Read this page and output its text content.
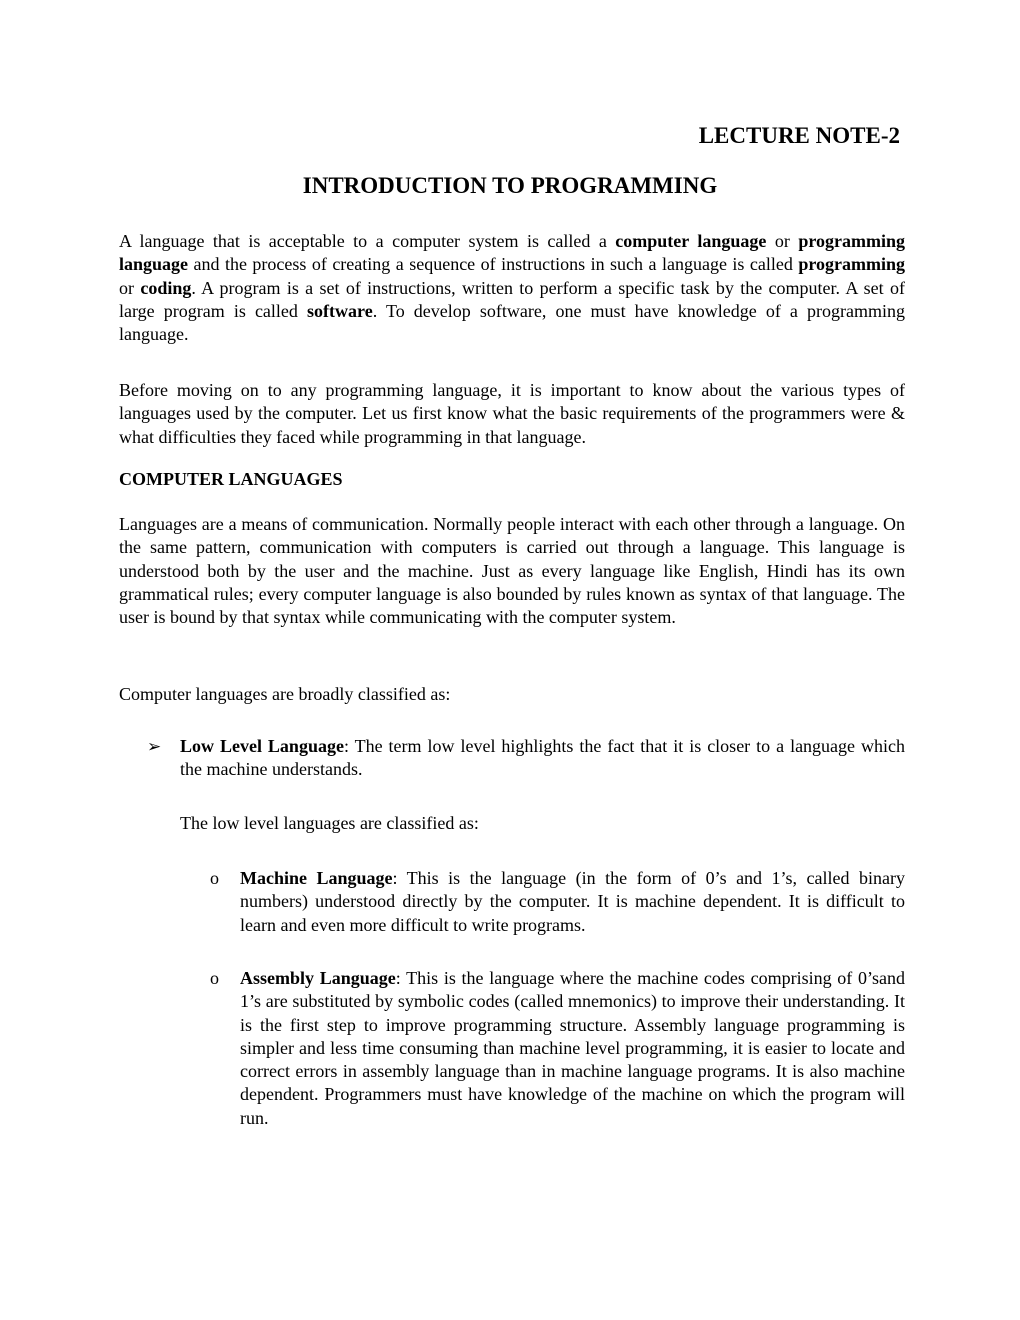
LECTURE NOTE-2
INTRODUCTION TO PROGRAMMING

A language that is acceptable to a computer system is called a computer language or programming language and the process of creating a sequence of instructions in such a language is called programming or coding. A program is a set of instructions, written to perform a specific task by the computer. A set of large program is called software. To develop software, one must have knowledge of a programming language.

Before moving on to any programming language, it is important to know about the various types of languages used by the computer. Let us first know what the basic requirements of the programmers were & what difficulties they faced while programming in that language.

COMPUTER LANGUAGES

Languages are a means of communication. Normally people interact with each other through a language. On the same pattern, communication with computers is carried out through a language. This language is understood both by the user and the machine. Just as every language like English, Hindi has its own grammatical rules; every computer language is also bounded by rules known as syntax of that language. The user is bound by that syntax while communicating with the computer system.

Computer languages are broadly classified as:
➢ Low Level Language: The term low level highlights the fact that it is closer to a language which the machine understands.

The low level languages are classified as:
o Machine Language: This is the language (in the form of 0’s and 1’s, called binary numbers) understood directly by the computer. It is machine dependent. It is difficult to learn and even more difficult to write programs.

o Assembly Language: This is the language where the machine codes comprising of 0’sand 1’s are substituted by symbolic codes (called mnemonics) to improve their understanding. It is the first step to improve programming structure. Assembly language programming is simpler and less time consuming than machine level programming, it is easier to locate and correct errors in assembly language than in machine language programs. It is also machine dependent. Programmers must have knowledge of the machine on which the program will run.
